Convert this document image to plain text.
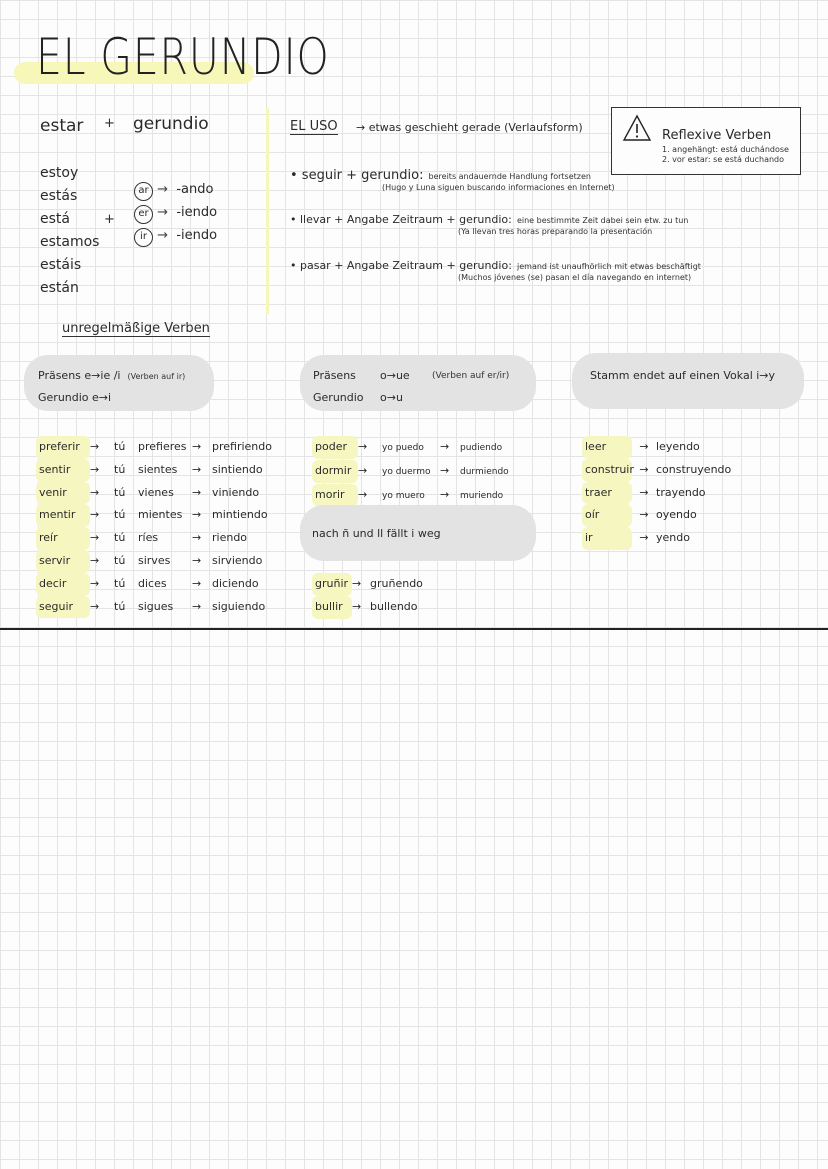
EL GERUNDIO
estar + gerundio
estoy
estás
está
estamos
estáis
están
+
ar → -ando
er → -iendo
ir → -iendo
EL USO → etwas geschieht gerade (Verlaufsform)
• seguir + gerundio: bereits andauernde Handlung fortsetzen
(Hugo y Luna siguen buscando informaciones en Internet)
• llevar + Angabe Zeitraum + gerundio: eine bestimmte Zeit dabei sein etw. zu tun
(Ya llevan tres horas preparando la presentación
• pasar + Angabe Zeitraum + gerundio: jemand ist unaufhörlich mit etwas beschäftigt
(Muchos jóvenes (se) pasan el día navegando en internet)
Reflexive Verben
1. angehängt: está duchándose
2. vor estar: se está duchando
unregelmäßige Verben
Präsens e→ie /i (Verben auf ir)
Gerundio e→i
preferir → tú prefieres → prefiriendo
sentir → tú sientes → sintiendo
venir → tú vienes → viniendo
mentir → tú mientes → mintiendo
reír	→ tú ríes	→ riendo
servir → tú sirves → sirviendo
decir → tú dices → diciendo
seguir → tú sigues → siguiendo
Präsens o→ue (Verben auf er/ir)
Gerundio o→u
poder → yo puedo → pudiendo
dormir → yo duermo → durmiendo
morir → yo muero → muriendo
nach ñ und ll fällt i weg
gruñir → gruñendo
bullir → bullendo
Stamm endet auf einen Vokal i→y
leer	→ leyendo
construir → construyendo
traer	→ trayendo
oír	→ oyendo
ir	→ yendo
